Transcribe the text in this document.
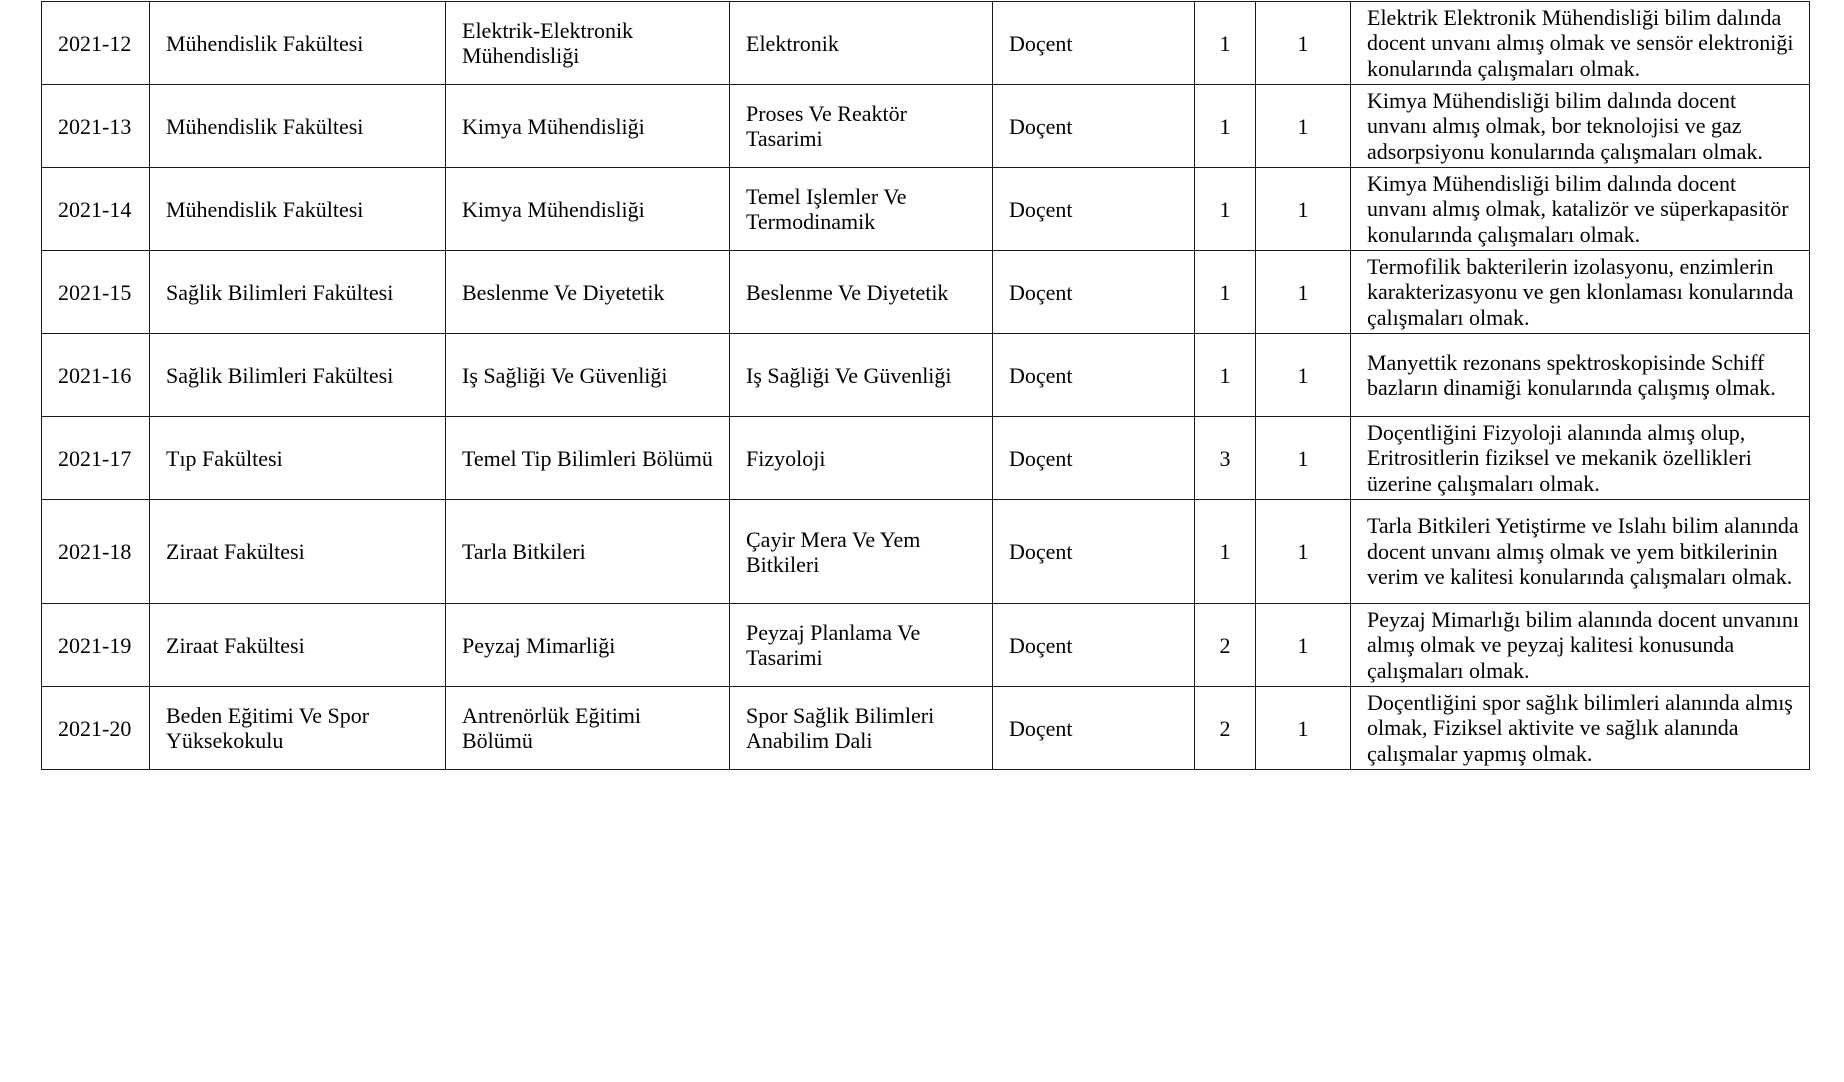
2021-12	Mühendislik Fakültesi	Elektrik-Elektronik Mühendisliği	Elektronik	Doçent	1	1	Elektrik Elektronik Mühendisliği bilim dalında docent unvanı almış olmak ve sensör elektroniği konularında çalışmaları olmak.
2021-13	Mühendislik Fakültesi	Kimya Mühendisliği	Proses Ve Reaktör Tasarimi	Doçent	1	1	Kimya Mühendisliği bilim dalında docent unvanı almış olmak, bor teknolojisi ve gaz adsorpsiyonu konularında çalışmaları olmak.
2021-14	Mühendislik Fakültesi	Kimya Mühendisliği	Temel Işlemler Ve Termodinamik	Doçent	1	1	Kimya Mühendisliği bilim dalında docent unvanı almış olmak, katalizör ve süperkapasitör konularında çalışmaları olmak.
2021-15	Sağlik Bilimleri Fakültesi	Beslenme Ve Diyetetik	Beslenme Ve Diyetetik	Doçent	1	1	Termofilik bakterilerin izolasyonu, enzimlerin karakterizasyonu ve gen klonlaması konularında çalışmaları olmak.
2021-16	Sağlik Bilimleri Fakültesi	Iş Sağliği Ve Güvenliği	Iş Sağliği Ve Güvenliği	Doçent	1	1	Manyettik rezonans spektroskopisinde Schiff bazların dinamiği konularında çalışmış olmak.
2021-17	Tıp Fakültesi	Temel Tip Bilimleri Bölümü	Fizyoloji	Doçent	3	1	Doçentliğini Fizyoloji alanında almış olup, Eritrositlerin fiziksel ve mekanik özellikleri üzerine çalışmaları olmak.
2021-18	Ziraat Fakültesi	Tarla Bitkileri	Çayir Mera Ve Yem Bitkileri	Doçent	1	1	Tarla Bitkileri Yetiştirme ve Islahı bilim alanında docent unvanı almış olmak ve yem bitkilerinin verim ve kalitesi konularında çalışmaları olmak.
2021-19	Ziraat Fakültesi	Peyzaj Mimarliği	Peyzaj Planlama Ve Tasarimi	Doçent	2	1	Peyzaj Mimarlığı bilim alanında docent unvanını almış olmak ve peyzaj kalitesi konusunda çalışmaları olmak.
2021-20	Beden Eğitimi Ve Spor Yüksekokulu	Antrenörlük Eğitimi Bölümü	Spor Sağlik Bilimleri Anabilim Dali	Doçent	2	1	Doçentliğini spor sağlık bilimleri alanında almış olmak, Fiziksel aktivite ve sağlık alanında çalışmalar yapmış olmak.
